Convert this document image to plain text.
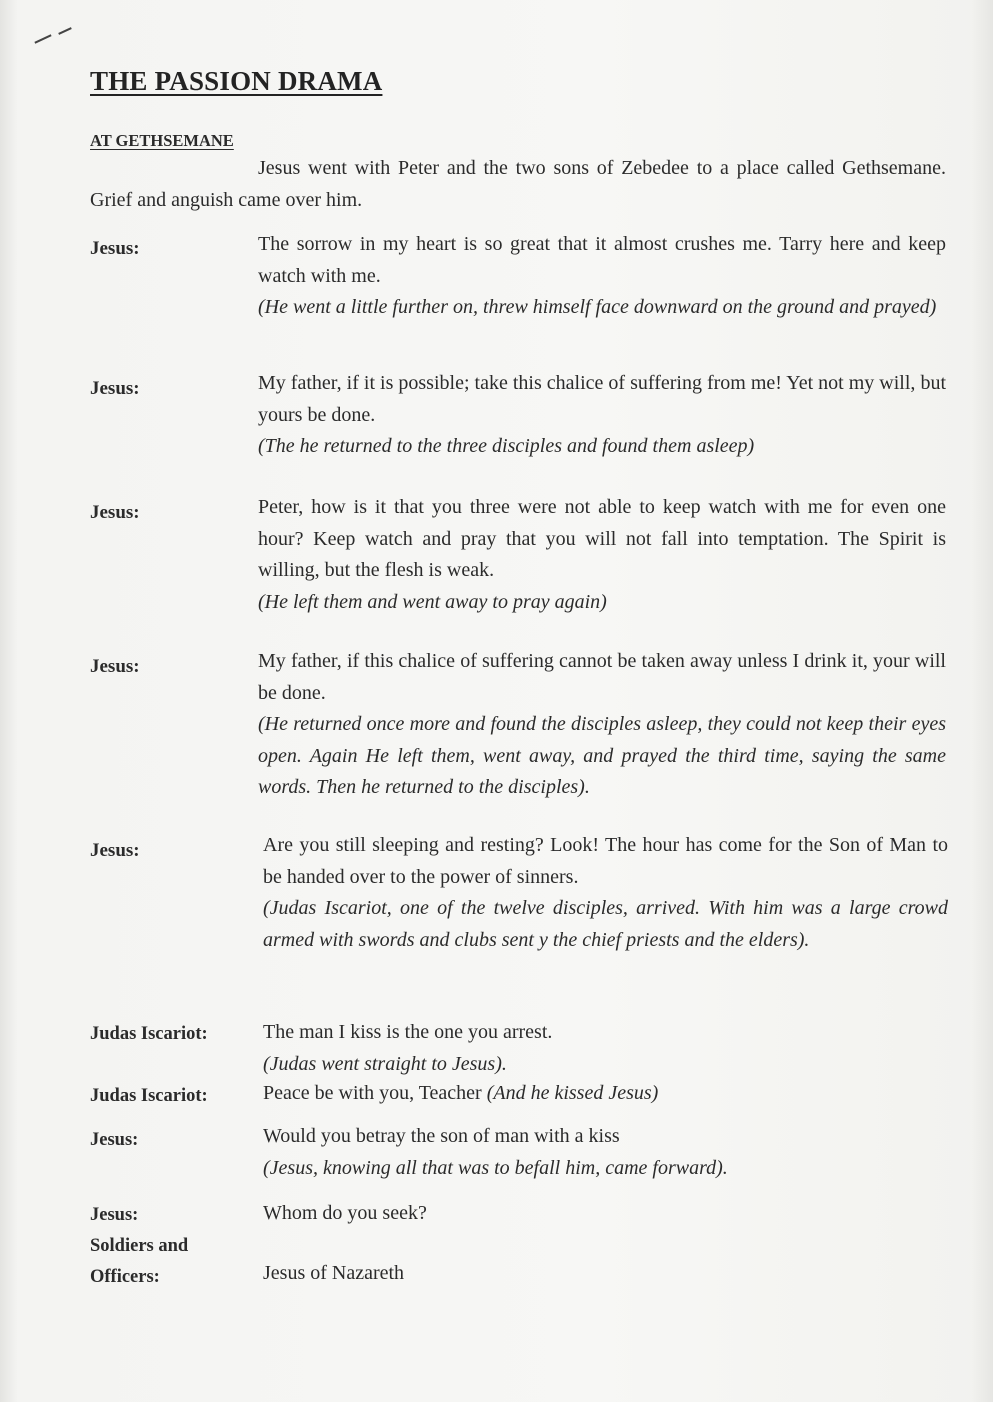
THE PASSION DRAMA
AT GETHSEMANE

Jesus went with Peter and the two sons of Zebedee to a place called Gethsemane. Grief and anguish came over him.

Jesus:	The sorrow in my heart is so great that it almost crushes me. Tarry here and keep watch with me.
(He went a little further on, threw himself face downward on the ground and prayed)
Jesus:	My father, if it is possible; take this chalice of suffering from me! Yet not my will, but yours be done.
(The he returned to the three disciples and found them asleep)
Jesus:	Peter, how is it that you three were not able to keep watch with me for even one hour? Keep watch and pray that you will not fall into temptation. The Spirit is willing, but the flesh is weak.
(He left them and went away to pray again)
Jesus:	My father, if this chalice of suffering cannot be taken away unless I drink it, your will be done.
(He returned once more and found the disciples asleep, they could not keep their eyes open. Again He left them, went away, and prayed the third time, saying the same words. Then he returned to the disciples).
Jesus:	Are you still sleeping and resting? Look! The hour has come for the Son of Man to be handed over to the power of sinners.
(Judas Iscariot, one of the twelve disciples, arrived. With him was a large crowd armed with swords and clubs sent y the chief priests and the elders).
Judas Iscariot:	The man I kiss is the one you arrest.
(Judas went straight to Jesus).
Judas Iscariot:	Peace be with you, Teacher (And he kissed Jesus)
Jesus:	Would you betray the son of man with a kiss
(Jesus, knowing all that was to befall him, came forward).
Jesus:	Whom do you seek?
Soldiers and Officers:	Jesus of Nazareth
